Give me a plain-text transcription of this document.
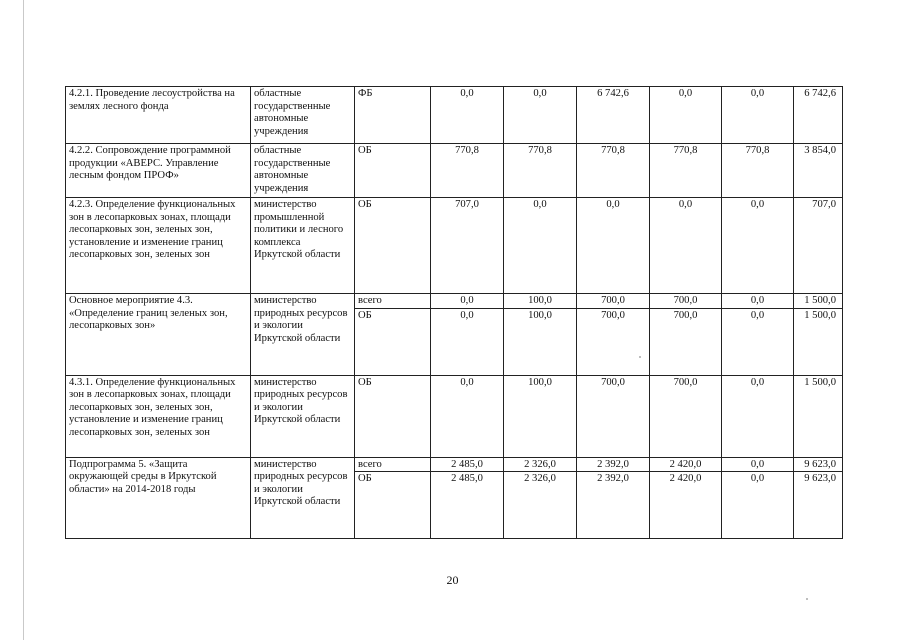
4.2.1. Проведение лесоустройства на землях лесного фонда	областные государственные автономные учреждения	ФБ	0,0	0,0	6 742,6	0,0	0,0	6 742,6
4.2.2. Сопровождение программной продукции «АВЕРС. Управление лесным фондом ПРОФ»	областные государственные автономные учреждения	ОБ	770,8	770,8	770,8	770,8	770,8	3 854,0
4.2.3. Определение функциональных зон в лесопарковых зонах, площади лесопарковых зон, зеленых зон, установление и изменение границ лесопарковых зон, зеленых зон	министерство промышленной политики и лесного комплекса Иркутской области	ОБ	707,0	0,0	0,0	0,0	0,0	707,0
Основное мероприятие 4.3. «Определение границ зеленых зон, лесопарковых зон»	министерство природных ресурсов и экологии Иркутской области	всего	0,0	100,0	700,0	700,0	0,0	1 500,0
		ОБ	0,0	100,0	700,0	700,0	0,0	1 500,0
4.3.1. Определение функциональных зон в лесопарковых зонах, площади лесопарковых зон, зеленых зон, установление и изменение границ лесопарковых зон, зеленых зон	министерство природных ресурсов и экологии Иркутской области	ОБ	0,0	100,0	700,0	700,0	0,0	1 500,0
Подпрограмма 5. «Защита окружающей среды в Иркутской области» на 2014-2018 годы	министерство природных ресурсов и экологии Иркутской области	всего	2 485,0	2 326,0	2 392,0	2 420,0	0,0	9 623,0
		ОБ	2 485,0	2 326,0	2 392,0	2 420,0	0,0	9 623,0
20
